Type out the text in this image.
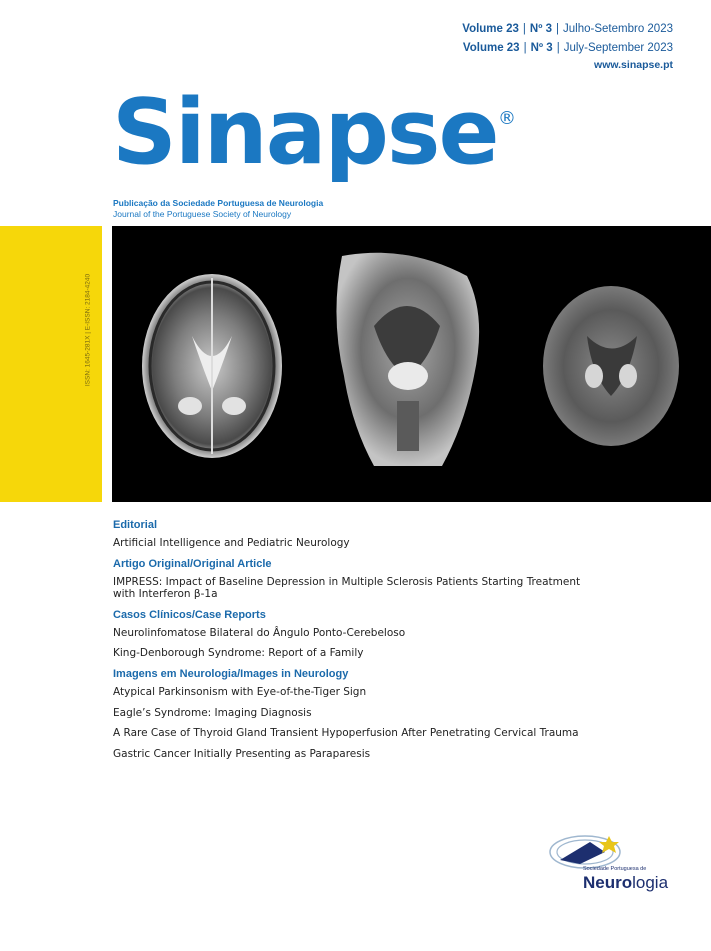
Volume 23 | Nº 3 | Julho-Setembro 2023
Volume 23 | Nº 3 | July-September 2023
www.sinapse.pt
Sinapse ®
Publicação da Sociedade Portuguesa de Neurologia
Journal of the Portuguese Society of Neurology
ISSN: 1645-281X | E-ISSN: 2184-4240

Editorial

Artificial Intelligence and Pediatric Neurology

Artigo Original/Original Article

IMPRESS: Impact of Baseline Depression in Multiple Sclerosis Patients Starting Treatment with Interferon β-1a

Casos Clínicos/Case Reports

Neurolinfomatose Bilateral do Ângulo Ponto-Cerebeloso

King-Denborough Syndrome: Report of a Family

Imagens em Neurologia/Images in Neurology

Atypical Parkinsonism with Eye-of-the-Tiger Sign

Eagle’s Syndrome: Imaging Diagnosis

A Rare Case of Thyroid Gland Transient Hypoperfusion After Penetrating Cervical Trauma

Gastric Cancer Initially Presenting as Paraparesis

Sociedade Portuguesa de
Neurologia
